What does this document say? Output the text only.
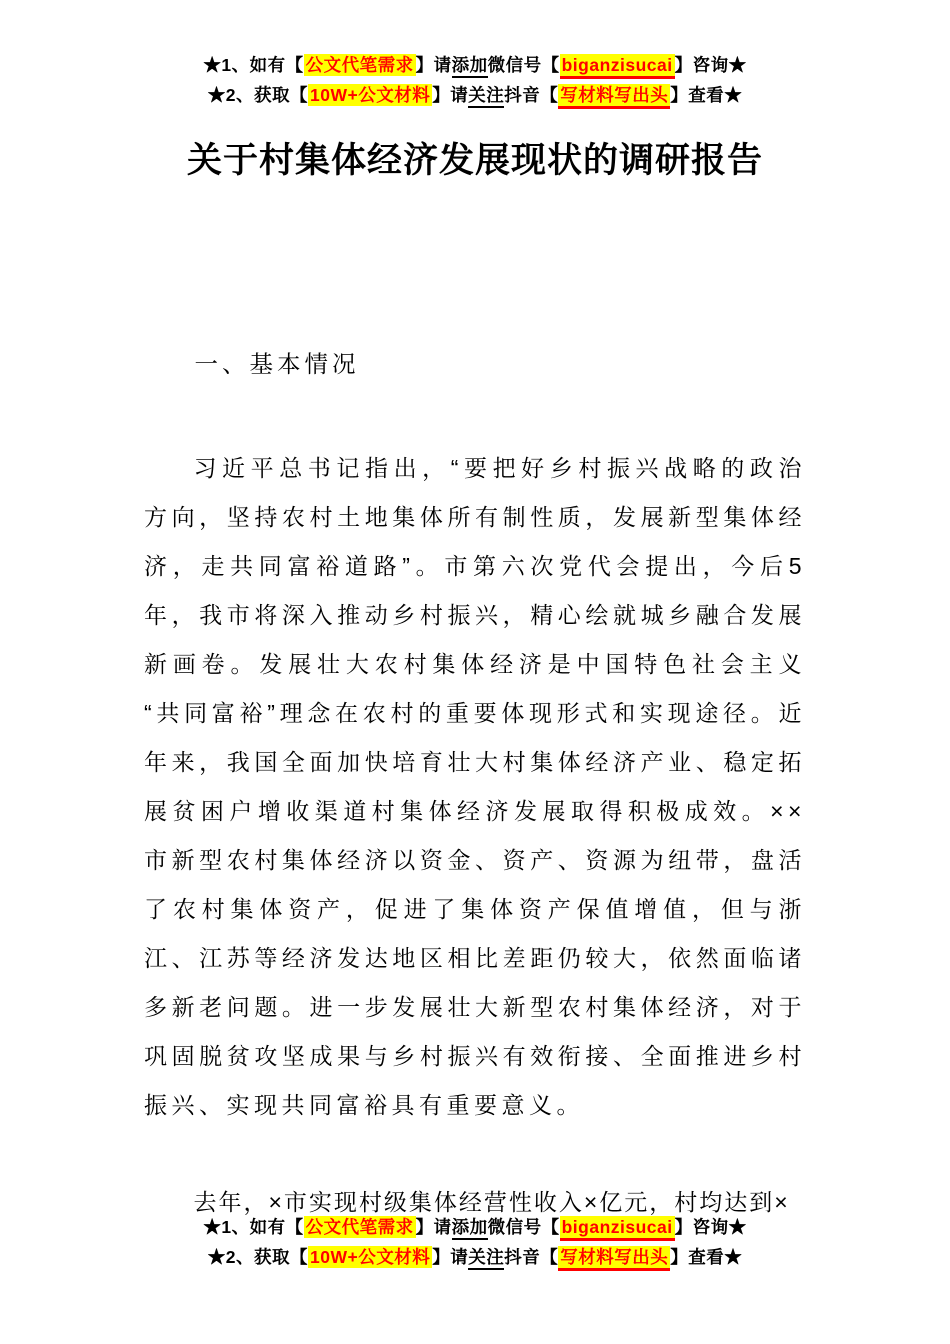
★1、如有【 公文代笔需求 】请添加微信号【 biganzisucai 】咨询★
★2、获取【 10W+公文材料 】请关注抖音【 写材料写出头 】查看★
关于村集体经济发展现状的调研报告
一、基本情况

习近平总书记指出，“要把好乡村振兴战略的政治方向，坚持农村土地集体所有制性质，发展新型集体经济，走共同富裕道路”。市第六次党代会提出，今后5年，我市将深入推动乡村振兴，精心绘就城乡融合发展新画卷。发展壮大农村集体经济是中国特色社会主义“共同富裕”理念在农村的重要体现形式和实现途径。近年来，我国全面加快培育壮大村集体经济产业、稳定拓展贫困户增收渠道村集体经济发展取得积极成效。××市新型农村集体经济以资金、资产、资源为纽带，盘活了农村集体资产，促进了集体资产保值增值，但与浙江、江苏等经济发达地区相比差距仍较大，依然面临诸多新老问题。进一步发展壮大新型农村集体经济，对于巩固脱贫攻坚成果与乡村振兴有效衔接、全面推进乡村振兴、实现共同富裕具有重要意义。

去年，×市实现村级集体经营性收入×亿元，村均达到×

★1、如有【 公文代笔需求 】请添加微信号【 biganzisucai 】咨询★
★2、获取【 10W+公文材料 】请关注抖音【 写材料写出头 】查看★
